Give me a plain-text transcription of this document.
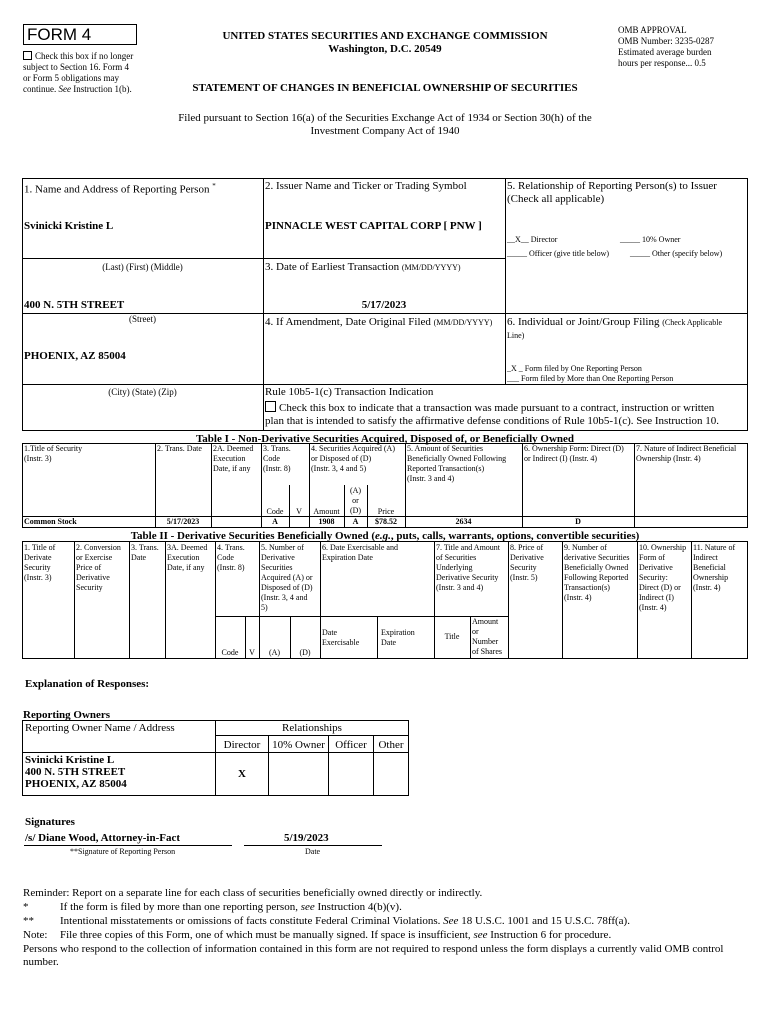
FORM 4
Check this box if no longer
subject to Section 16. Form 4
or Form 5 obligations may
continue. See Instruction 1(b).
UNITED STATES SECURITIES AND EXCHANGE COMMISSION
Washington, D.C. 20549
STATEMENT OF CHANGES IN BENEFICIAL OWNERSHIP OF SECURITIES
OMB APPROVAL
OMB Number: 3235-0287
Estimated average burden
hours per response... 0.5
Filed pursuant to Section 16(a) of the Securities Exchange Act of 1934 or Section 30(h) of the
Investment Company Act of 1940
1. Name and Address of Reporting Person *
Svinicki Kristine L
(Last) (First) (Middle)
400 N. 5TH STREET
(Street)
PHOENIX, AZ 85004
(City) (State) (Zip)
2. Issuer Name and Ticker or Trading Symbol
PINNACLE WEST CAPITAL CORP [ PNW ]
3. Date of Earliest Transaction (MM/DD/YYYY)
5/17/2023
4. If Amendment, Date Original Filed (MM/DD/YYYY)
5. Relationship of Reporting Person(s) to Issuer
(Check all applicable)
__X__ Director	_____ 10% Owner
_____ Officer (give title below)	_____ Other (specify below)
6. Individual or Joint/Group Filing (Check Applicable
Line)
_X _ Form filed by One Reporting Person
___ Form filed by More than One Reporting Person
Rule 10b5-1(c) Transaction Indication
Check this box to indicate that a transaction was made pursuant to a contract, instruction or written
plan that is intended to satisfy the affirmative defense conditions of Rule 10b5-1(c). See Instruction 10.
Table I - Non-Derivative Securities Acquired, Disposed of, or Beneficially Owned
1.Title of Security
(Instr. 3)
2. Trans. Date 2A. Deemed
Execution
Date, if any
3. Trans.
Code
(Instr. 8)
4. Securities Acquired (A)
or Disposed of (D)
(Instr. 3, 4 and 5)
5. Amount of Securities
Beneficially Owned Following
Reported Transaction(s)
(Instr. 3 and 4)
6. Ownership Form: Direct (D)
or Indirect (I) (Instr. 4)
7. Nature of Indirect Beneficial
Ownership (Instr. 4)
Code	V	Amount
(A)
or
(D)	Price
Common Stock	5/17/2023	A	1908	A	$78.52	2634	D
Table II - Derivative Securities Beneficially Owned (e.g., puts, calls, warrants, options, convertible securities)
1. Title of
Derivate
Security
(Instr. 3)
2. Conversion
or Exercise
Price of
Derivative
Security
3. Trans.
Date
3A. Deemed
Execution
Date, if any
4. Trans.
Code
(Instr. 8)
5. Number of
Derivative
Securities
Acquired (A) or
Disposed of (D)
(Instr. 3, 4 and
5)
6. Date Exercisable and
Expiration Date
7. Title and Amount
of Securities
Underlying
Derivative Security
(Instr. 3 and 4)
8. Price of
Derivative
Security
(Instr. 5)
9. Number of
derivative Securities
Beneficially Owned
Following Reported
Transaction(s)
(Instr. 4)
10. Ownership
Form of
Derivative
Security:
Direct (D) or
Indirect (I)
(Instr. 4)
11. Nature of
Indirect
Beneficial
Ownership
(Instr. 4)
Code	V	(A)	(D)
Date
Exercisable
Expiration
Date
Title
Amount
or
Number
of Shares
Explanation of Responses:
Reporting Owners
Reporting Owner Name / Address	Relationships			
	Director	10% Owner	Officer	Other

Svinicki Kristine L
400 N. 5TH STREET
PHOENIX, AZ 85004	X			
Signatures
/s/ Diane Wood, Attorney-in-Fact
**Signature of Reporting Person
5/19/2023
Date
Reminder: Report on a separate line for each class of securities beneficially owned directly or indirectly.
*	If the form is filed by more than one reporting person, see Instruction 4(b)(v).
** Intentional misstatements or omissions of facts constitute Federal Criminal Violations. See 18 U.S.C. 1001 and 15 U.S.C. 78ff(a).
Note: File three copies of this Form, one of which must be manually signed. If space is insufficient, see Instruction 6 for procedure.
Persons who respond to the collection of information contained in this form are not required to respond unless the form displays a currently valid OMB control
number.
